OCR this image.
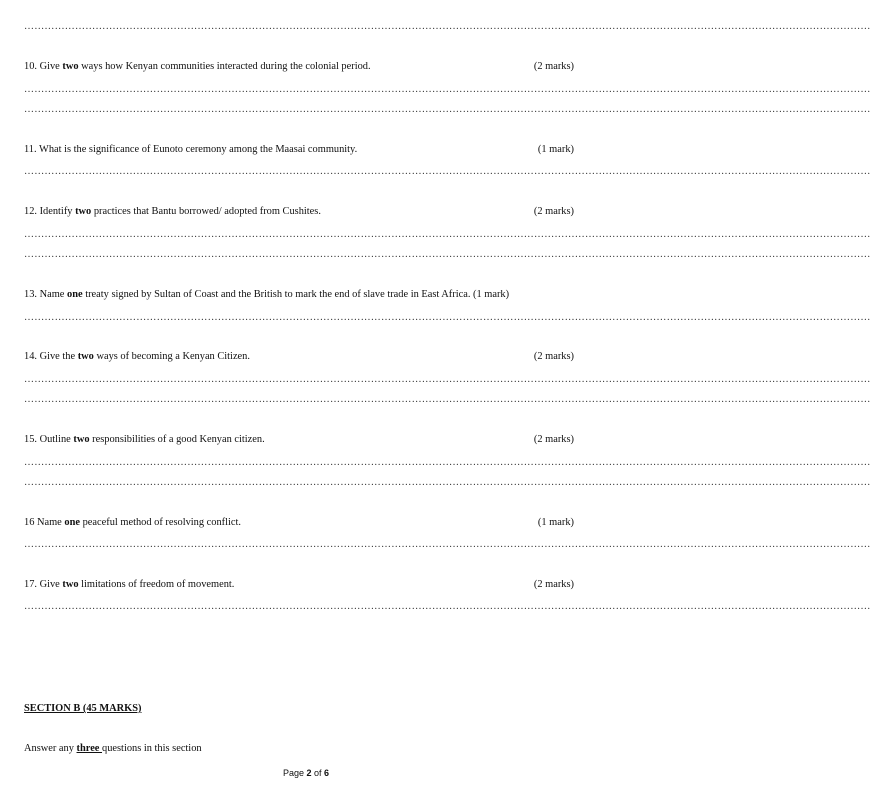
……………………………………………………………………………………………………………………………………………………………………………………………………………………………
10. Give two ways how Kenyan communities interacted during the colonial period.	(2 marks)
……………………………………………………………………………………………………………………………………………………………………………………………………………………………
……………………………………………………………………………………………………………………………………………………………………………………………………………………………
11. What is the significance of Eunoto ceremony among the Maasai community.	(1 mark)
……………………………………………………………………………………………………………………………………………………………………………………………………………………………
12. Identify two practices that Bantu borrowed/ adopted from Cushites.	(2 marks)
……………………………………………………………………………………………………………………………………………………………………………………………………………………………
……………………………………………………………………………………………………………………………………………………………………………………………………………………………
13. Name one treaty signed by Sultan of Coast and the British to mark the end of slave trade in East Africa. (1 mark)
……………………………………………………………………………………………………………………………………………………………………………………………………………………………
14. Give the two ways of becoming a Kenyan Citizen.	(2 marks)
……………………………………………………………………………………………………………………………………………………………………………………………………………………………
……………………………………………………………………………………………………………………………………………………………………………………………………………………………
15. Outline two responsibilities of a good Kenyan citizen.	(2 marks)
……………………………………………………………………………………………………………………………………………………………………………………………………………………………
……………………………………………………………………………………………………………………………………………………………………………………………………………………………
16 Name one peaceful method of resolving conflict.	(1 mark)
……………………………………………………………………………………………………………………………………………………………………………………………………………………………
17. Give two limitations of freedom of movement.	(2 marks)
……………………………………………………………………………………………………………………………………………………………………………………………………………………………
SECTION B (45 MARKS)
Answer any three questions in this section
Page 2 of 6
